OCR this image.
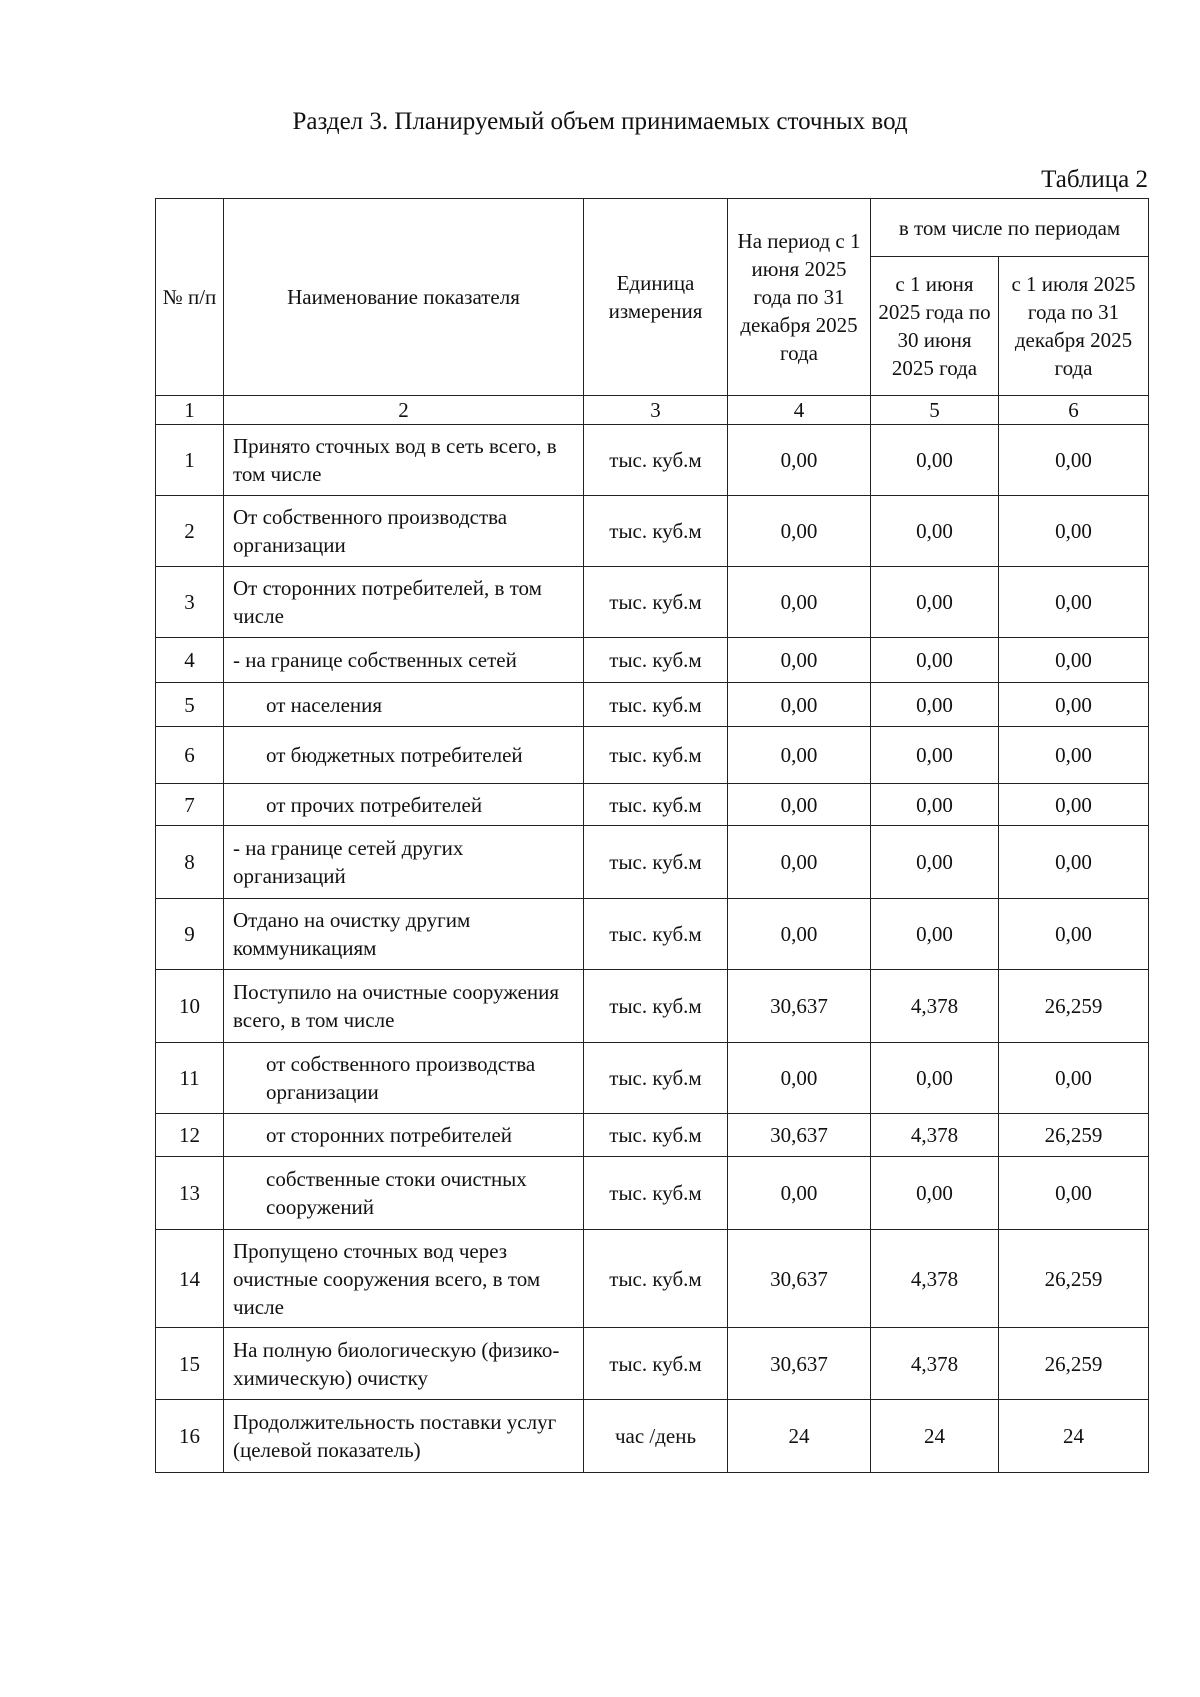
Раздел 3. Планируемый объем принимаемых сточных вод
Таблица 2
№ п/п	Наименование показателя	Единица измерения	На период с 1 июня 2025 года по 31 декабря 2025 года	в том числе по периодам	
				с 1 июня 2025 года по 30 июня 2025 года	с 1 июля 2025 года по 31 декабря 2025 года
1	2	3	4	5	6
1	Принято сточных вод в сеть всего, в том числе	тыс. куб.м	0,00	0,00	0,00
2	От собственного производства организации	тыс. куб.м	0,00	0,00	0,00
3	От сторонних потребителей, в том числе	тыс. куб.м	0,00	0,00	0,00
4	- на границе собственных сетей	тыс. куб.м	0,00	0,00	0,00
5	от населения	тыс. куб.м	0,00	0,00	0,00
6	от бюджетных потребителей	тыс. куб.м	0,00	0,00	0,00
7	от прочих потребителей	тыс. куб.м	0,00	0,00	0,00
8	- на границе сетей других организаций	тыс. куб.м	0,00	0,00	0,00
9	Отдано на очистку другим коммуникациям	тыс. куб.м	0,00	0,00	0,00
10	Поступило на очистные сооружения всего, в том числе	тыс. куб.м	30,637	4,378	26,259
11	от собственного производства организации	тыс. куб.м	0,00	0,00	0,00
12	от сторонних потребителей	тыс. куб.м	30,637	4,378	26,259
13	собственные стоки очистных сооружений	тыс. куб.м	0,00	0,00	0,00
14	Пропущено сточных вод через очистные сооружения всего, в том числе	тыс. куб.м	30,637	4,378	26,259
15	На полную биологическую (физико-химическую) очистку	тыс. куб.м	30,637	4,378	26,259
16	Продолжительность поставки услуг (целевой показатель)	час /день	24	24	24
